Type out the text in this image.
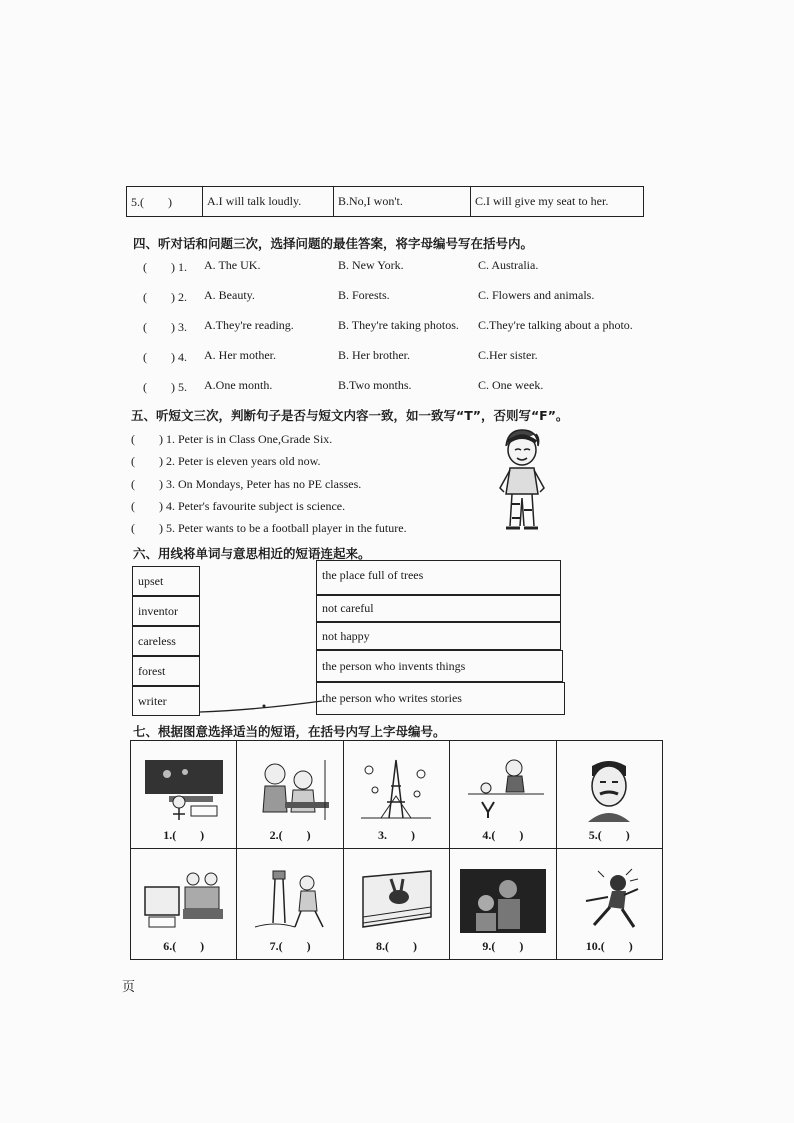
5.(　　)	A.I will talk loudly.	B.No,I won't.	C.I will give my seat to her.
四、听对话和问题三次，选择问题的最佳答案，将字母编号写在括号内。
(　　) 1. A. The UK.	B. New York.	C. Australia.
(　　) 2. A. Beauty.	B. Forests.	C. Flowers and animals.
(　　) 3. A.They're reading.	B. They're taking photos. C.They're talking about a photo.
(　　) 4. A. Her mother.	B. Her brother.	C.Her sister.
(　　) 5. A.One month.	B.Two months.	C. One week.
五、听短文三次，判断句子是否与短文内容一致，如一致写“T”，否则写“F”。
(　　) 1. Peter is in Class One,Grade Six.
(　　) 2. Peter is eleven years old now.
(　　) 3. On Mondays, Peter has no PE classes.
(　　) 4. Peter's favourite subject is science.
(　　) 5. Peter wants to be a football player in the future.
六、用线将单词与意思相近的短语连起来。
upset
inventor
careless
forest
writer
the place full of trees
not careful
not happy
the person who invents things
the person who writes stories
七、根据图意选择适当的短语，在括号内写上字母编号。
1.(　　)	2.(　　)	3.　　)	4.(　　)	5.(　　)

6.(　　)	7.(　　)	8.(　　)	9.(　　)	10.(　　)
页
